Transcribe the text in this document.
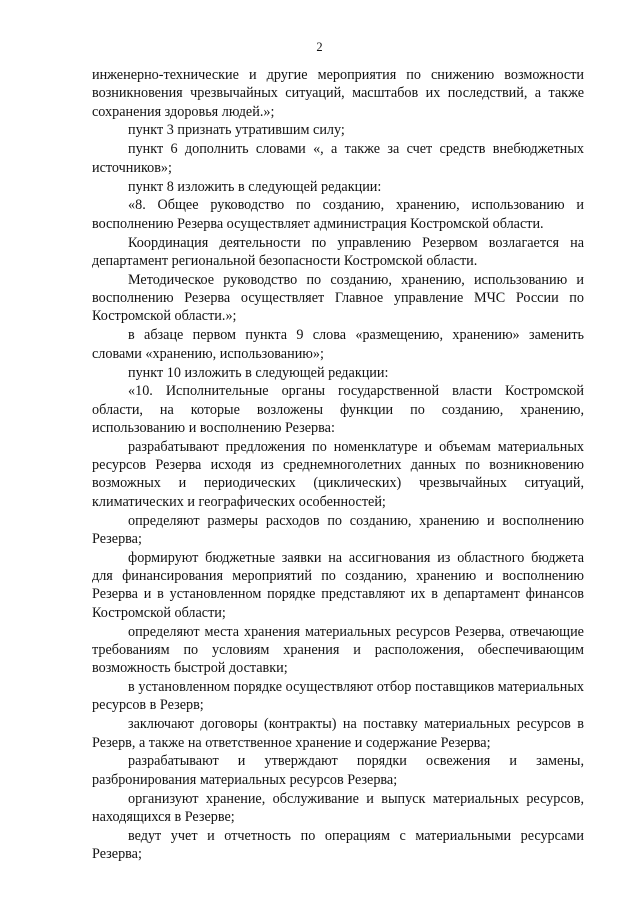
2

инженерно-технические и другие мероприятия по снижению возможности возникновения чрезвычайных ситуаций, масштабов их последствий, а также сохранения здоровья людей.»;

пункт 3 признать утратившим силу;

пункт 6 дополнить словами «, а также за счет средств внебюджетных источников»;

пункт 8 изложить в следующей редакции:

«8. Общее руководство по созданию, хранению, использованию и восполнению Резерва осуществляет администрация Костромской области.

Координация деятельности по управлению Резервом возлагается на департамент региональной безопасности Костромской области.

Методическое руководство по созданию, хранению, использованию и восполнению Резерва осуществляет Главное управление МЧС России по Костромской области.»;

в абзаце первом пункта 9 слова «размещению, хранению» заменить словами «хранению, использованию»;

пункт 10 изложить в следующей редакции:

«10. Исполнительные органы государственной власти Костромской области, на которые возложены функции по созданию, хранению, использованию и восполнению Резерва:

разрабатывают предложения по номенклатуре и объемам материальных ресурсов Резерва исходя из среднемноголетних данных по возникновению возможных и периодических (циклических) чрезвычайных ситуаций, климатических и географических особенностей;

определяют размеры расходов по созданию, хранению и восполнению Резерва;

формируют бюджетные заявки на ассигнования из областного бюджета для финансирования мероприятий по созданию, хранению и восполнению Резерва и в установленном порядке представляют их в департамент финансов Костромской области;

определяют места хранения материальных ресурсов Резерва, отвечающие требованиям по условиям хранения и расположения, обеспечивающим возможность быстрой доставки;

в установленном порядке осуществляют отбор поставщиков материальных ресурсов в Резерв;

заключают договоры (контракты) на поставку материальных ресурсов в Резерв, а также на ответственное хранение и содержание Резерва;

разрабатывают и утверждают порядки освежения и замены, разбронирования материальных ресурсов Резерва;

организуют хранение, обслуживание и выпуск материальных ресурсов, находящихся в Резерве;

ведут учет и отчетность по операциям с материальными ресурсами Резерва;
